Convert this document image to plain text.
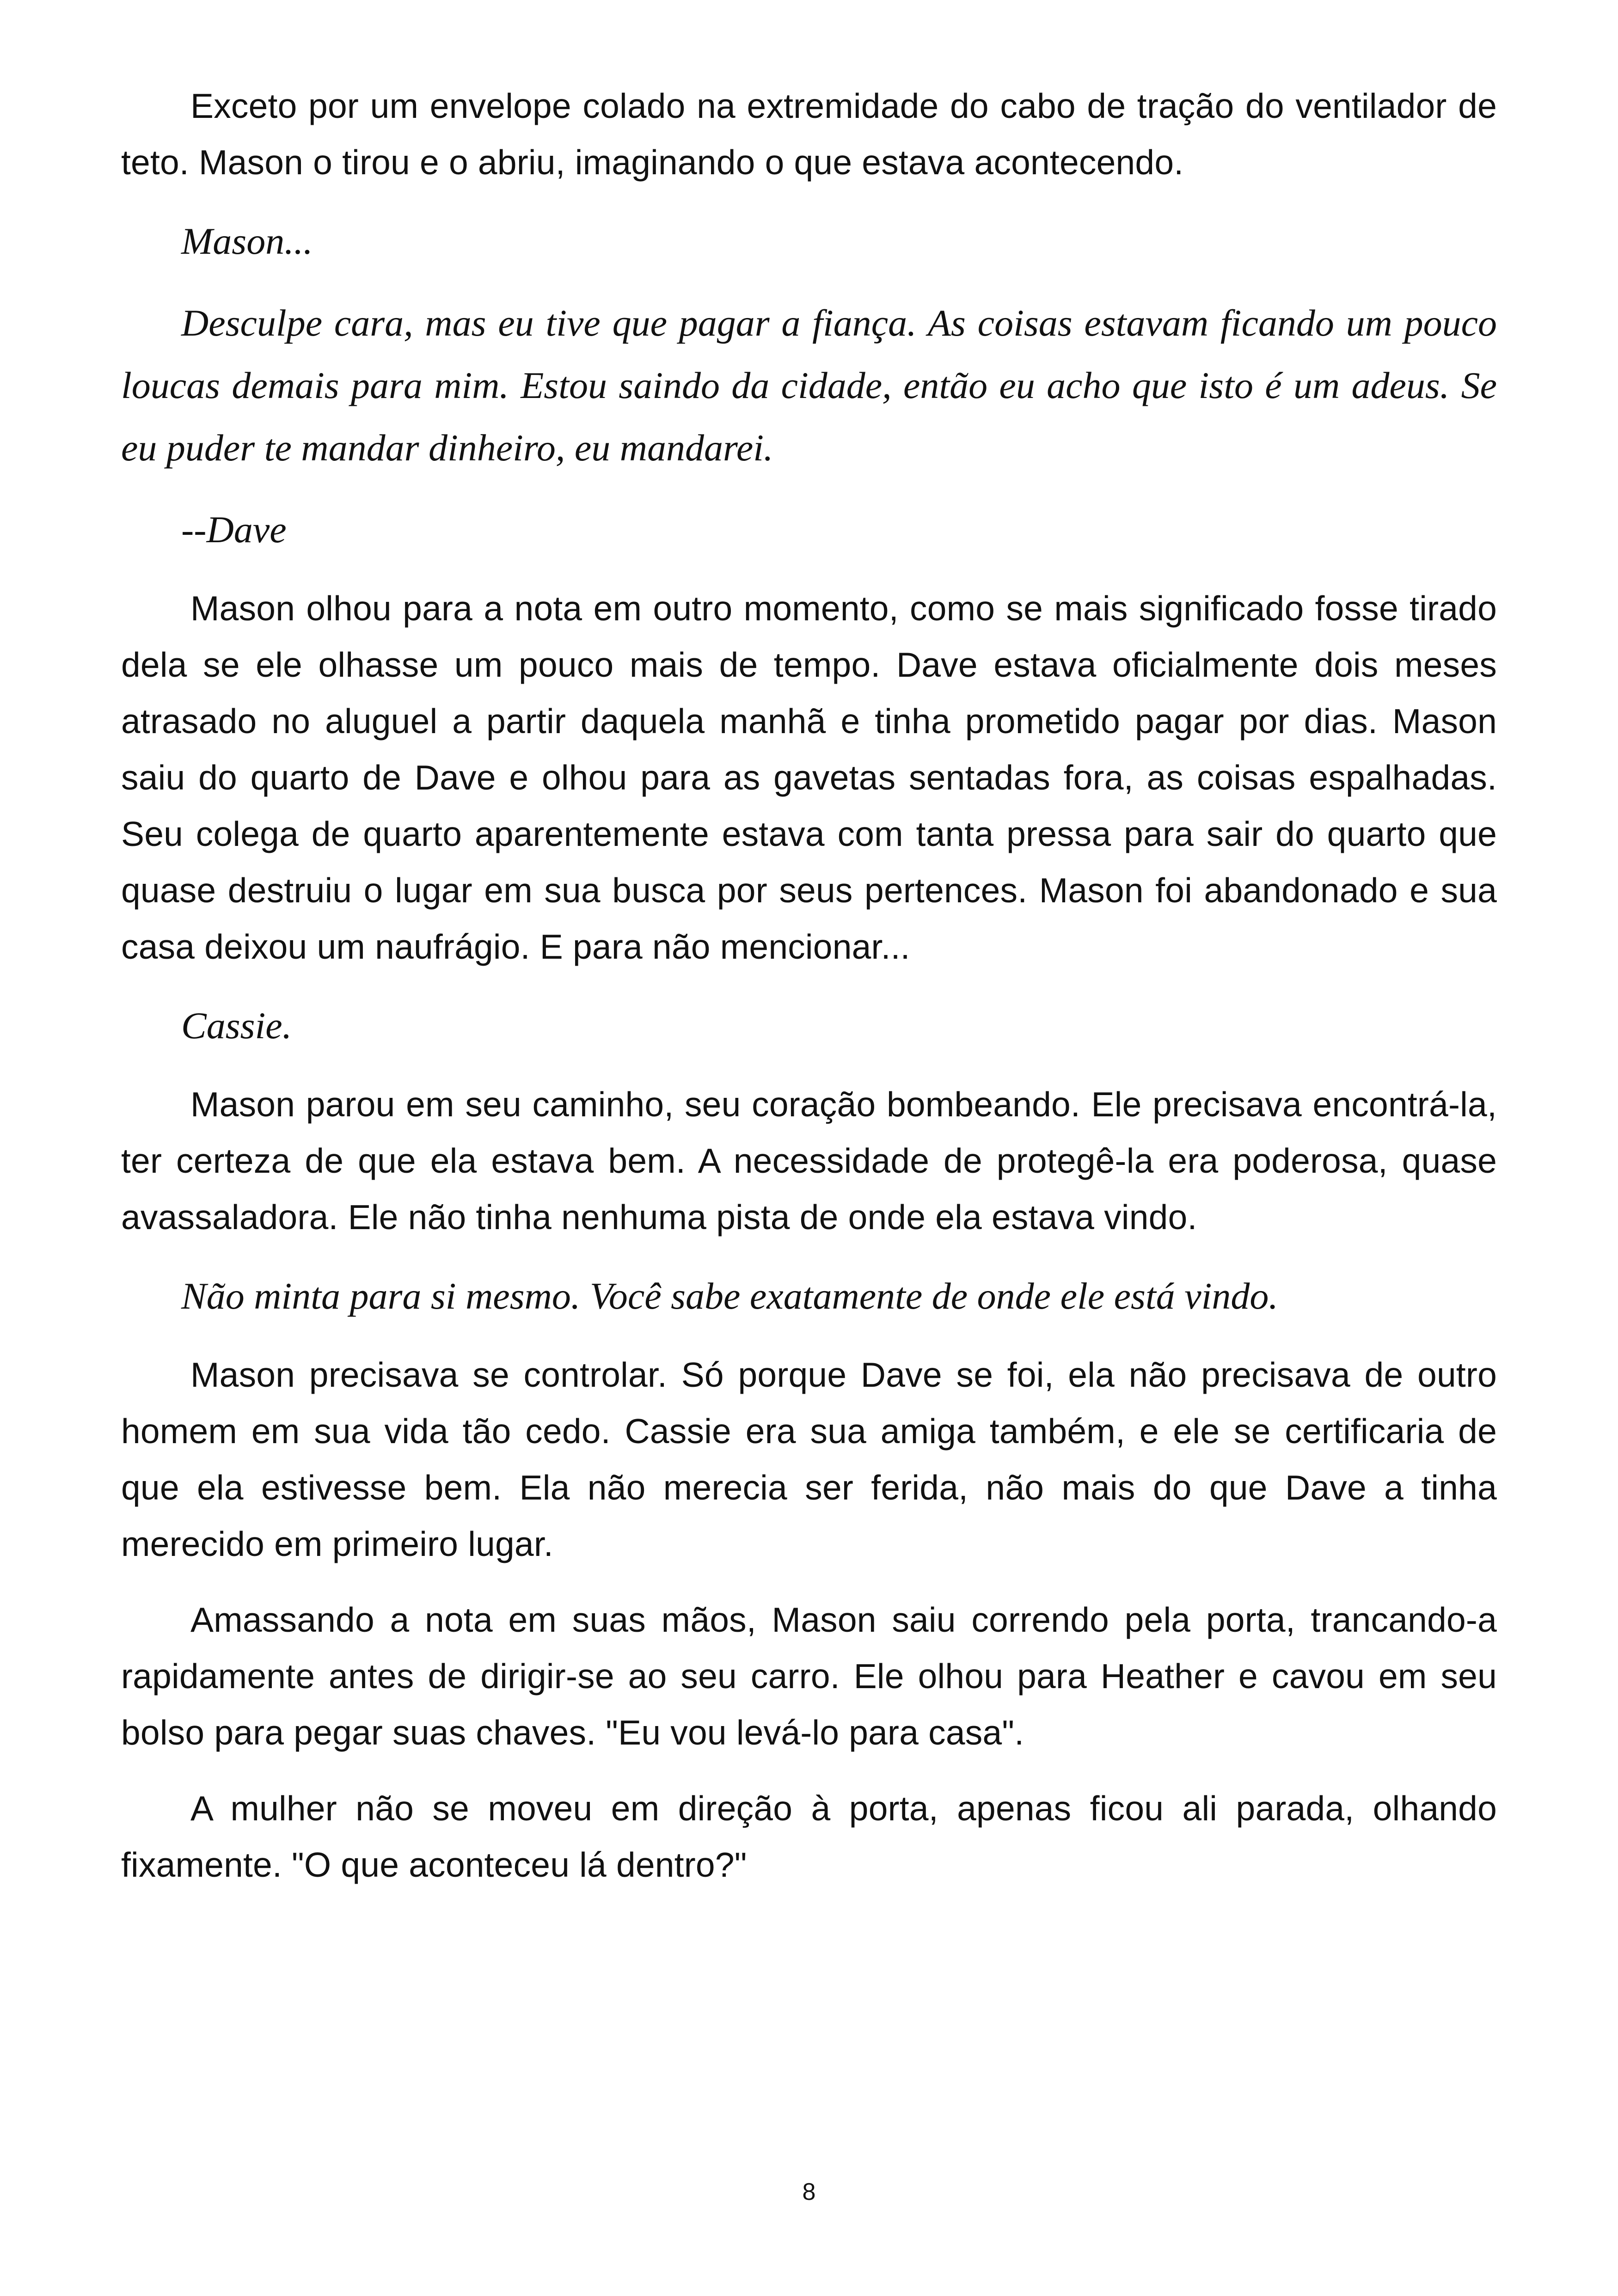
Exceto por um envelope colado na extremidade do cabo de tração do ventilador de teto. Mason o tirou e o abriu, imaginando o que estava acontecendo.

Mason...

Desculpe cara, mas eu tive que pagar a fiança. As coisas estavam ficando um pouco loucas demais para mim. Estou saindo da cidade, então eu acho que isto é um adeus. Se eu puder te mandar dinheiro, eu mandarei.

--Dave

Mason olhou para a nota em outro momento, como se mais significado fosse tirado dela se ele olhasse um pouco mais de tempo. Dave estava oficialmente dois meses atrasado no aluguel a partir daquela manhã e tinha prometido pagar por dias. Mason saiu do quarto de Dave e olhou para as gavetas sentadas fora, as coisas espalhadas. Seu colega de quarto aparentemente estava com tanta pressa para sair do quarto que quase destruiu o lugar em sua busca por seus pertences. Mason foi abandonado e sua casa deixou um naufrágio. E para não mencionar...

Cassie.

Mason parou em seu caminho, seu coração bombeando. Ele precisava encontrá-la, ter certeza de que ela estava bem. A necessidade de protegê-la era poderosa, quase avassaladora. Ele não tinha nenhuma pista de onde ela estava vindo.

Não minta para si mesmo. Você sabe exatamente de onde ele está vindo.

Mason precisava se controlar. Só porque Dave se foi, ela não precisava de outro homem em sua vida tão cedo. Cassie era sua amiga também, e ele se certificaria de que ela estivesse bem. Ela não merecia ser ferida, não mais do que Dave a tinha merecido em primeiro lugar.

Amassando a nota em suas mãos, Mason saiu correndo pela porta, trancando-a rapidamente antes de dirigir-se ao seu carro. Ele olhou para Heather e cavou em seu bolso para pegar suas chaves. "Eu vou levá-lo para casa".

A mulher não se moveu em direção à porta, apenas ficou ali parada, olhando fixamente. "O que aconteceu lá dentro?"

8
